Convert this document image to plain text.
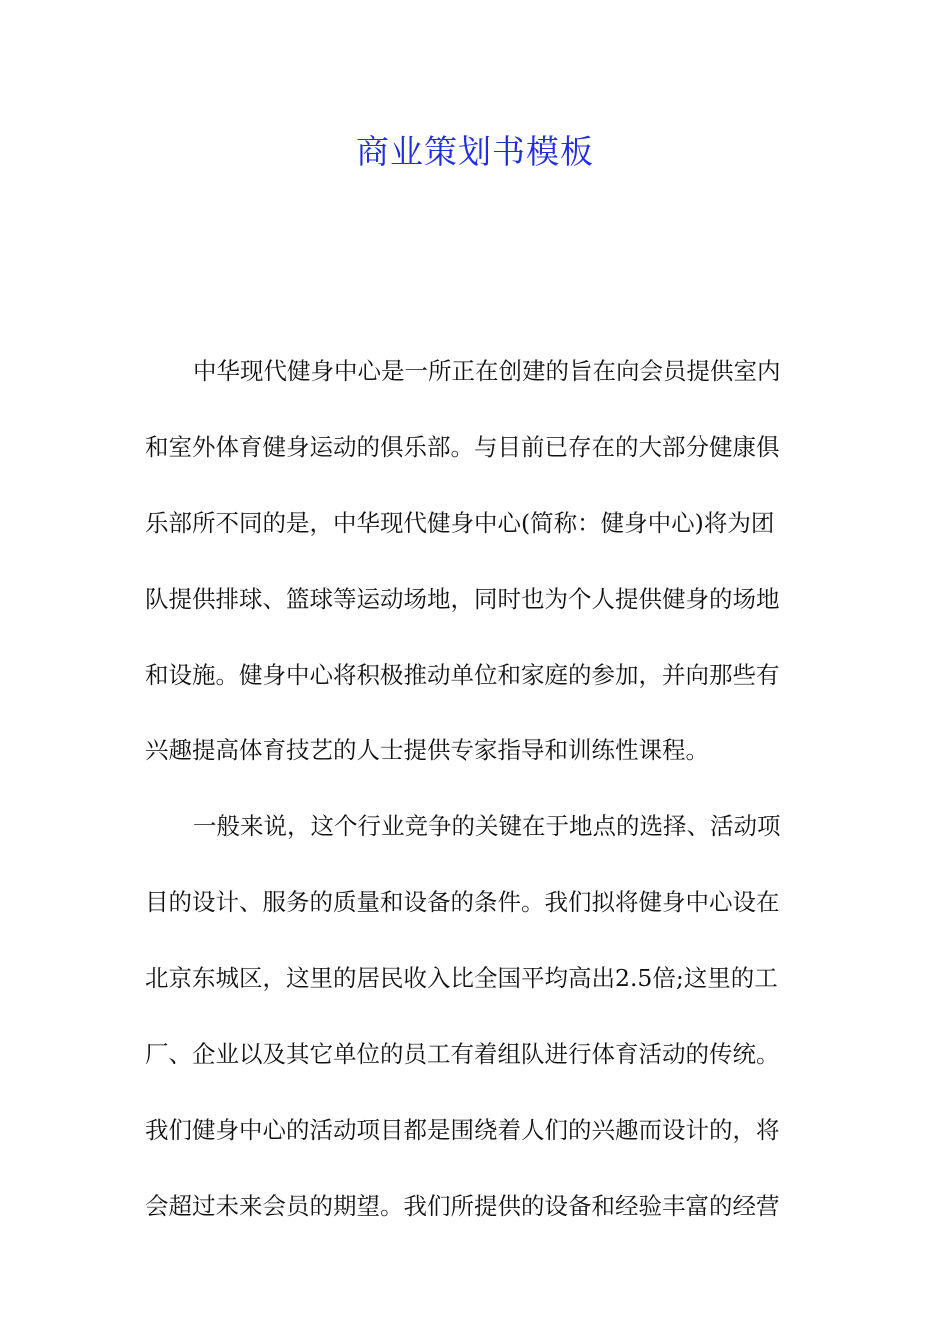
商业策划书模板
中华现代健身中心是一所正在创建的旨在向会员提供室内
和室外体育健身运动的俱乐部。与目前已存在的大部分健康俱
乐部所不同的是，中华现代健身中心(简称：健身中心)将为团
队提供排球、篮球等运动场地，同时也为个人提供健身的场地
和设施。健身中心将积极推动单位和家庭的参加，并向那些有
兴趣提高体育技艺的人士提供专家指导和训练性课程。
一般来说，这个行业竞争的关键在于地点的选择、活动项
目的设计、服务的质量和设备的条件。我们拟将健身中心设在
北京东城区，这里的居民收入比全国平均高出2.5倍;这里的工
厂、企业以及其它单位的员工有着组队进行体育活动的传统。
我们健身中心的活动项目都是围绕着人们的兴趣而设计的，将
会超过未来会员的期望。我们所提供的设备和经验丰富的经营
